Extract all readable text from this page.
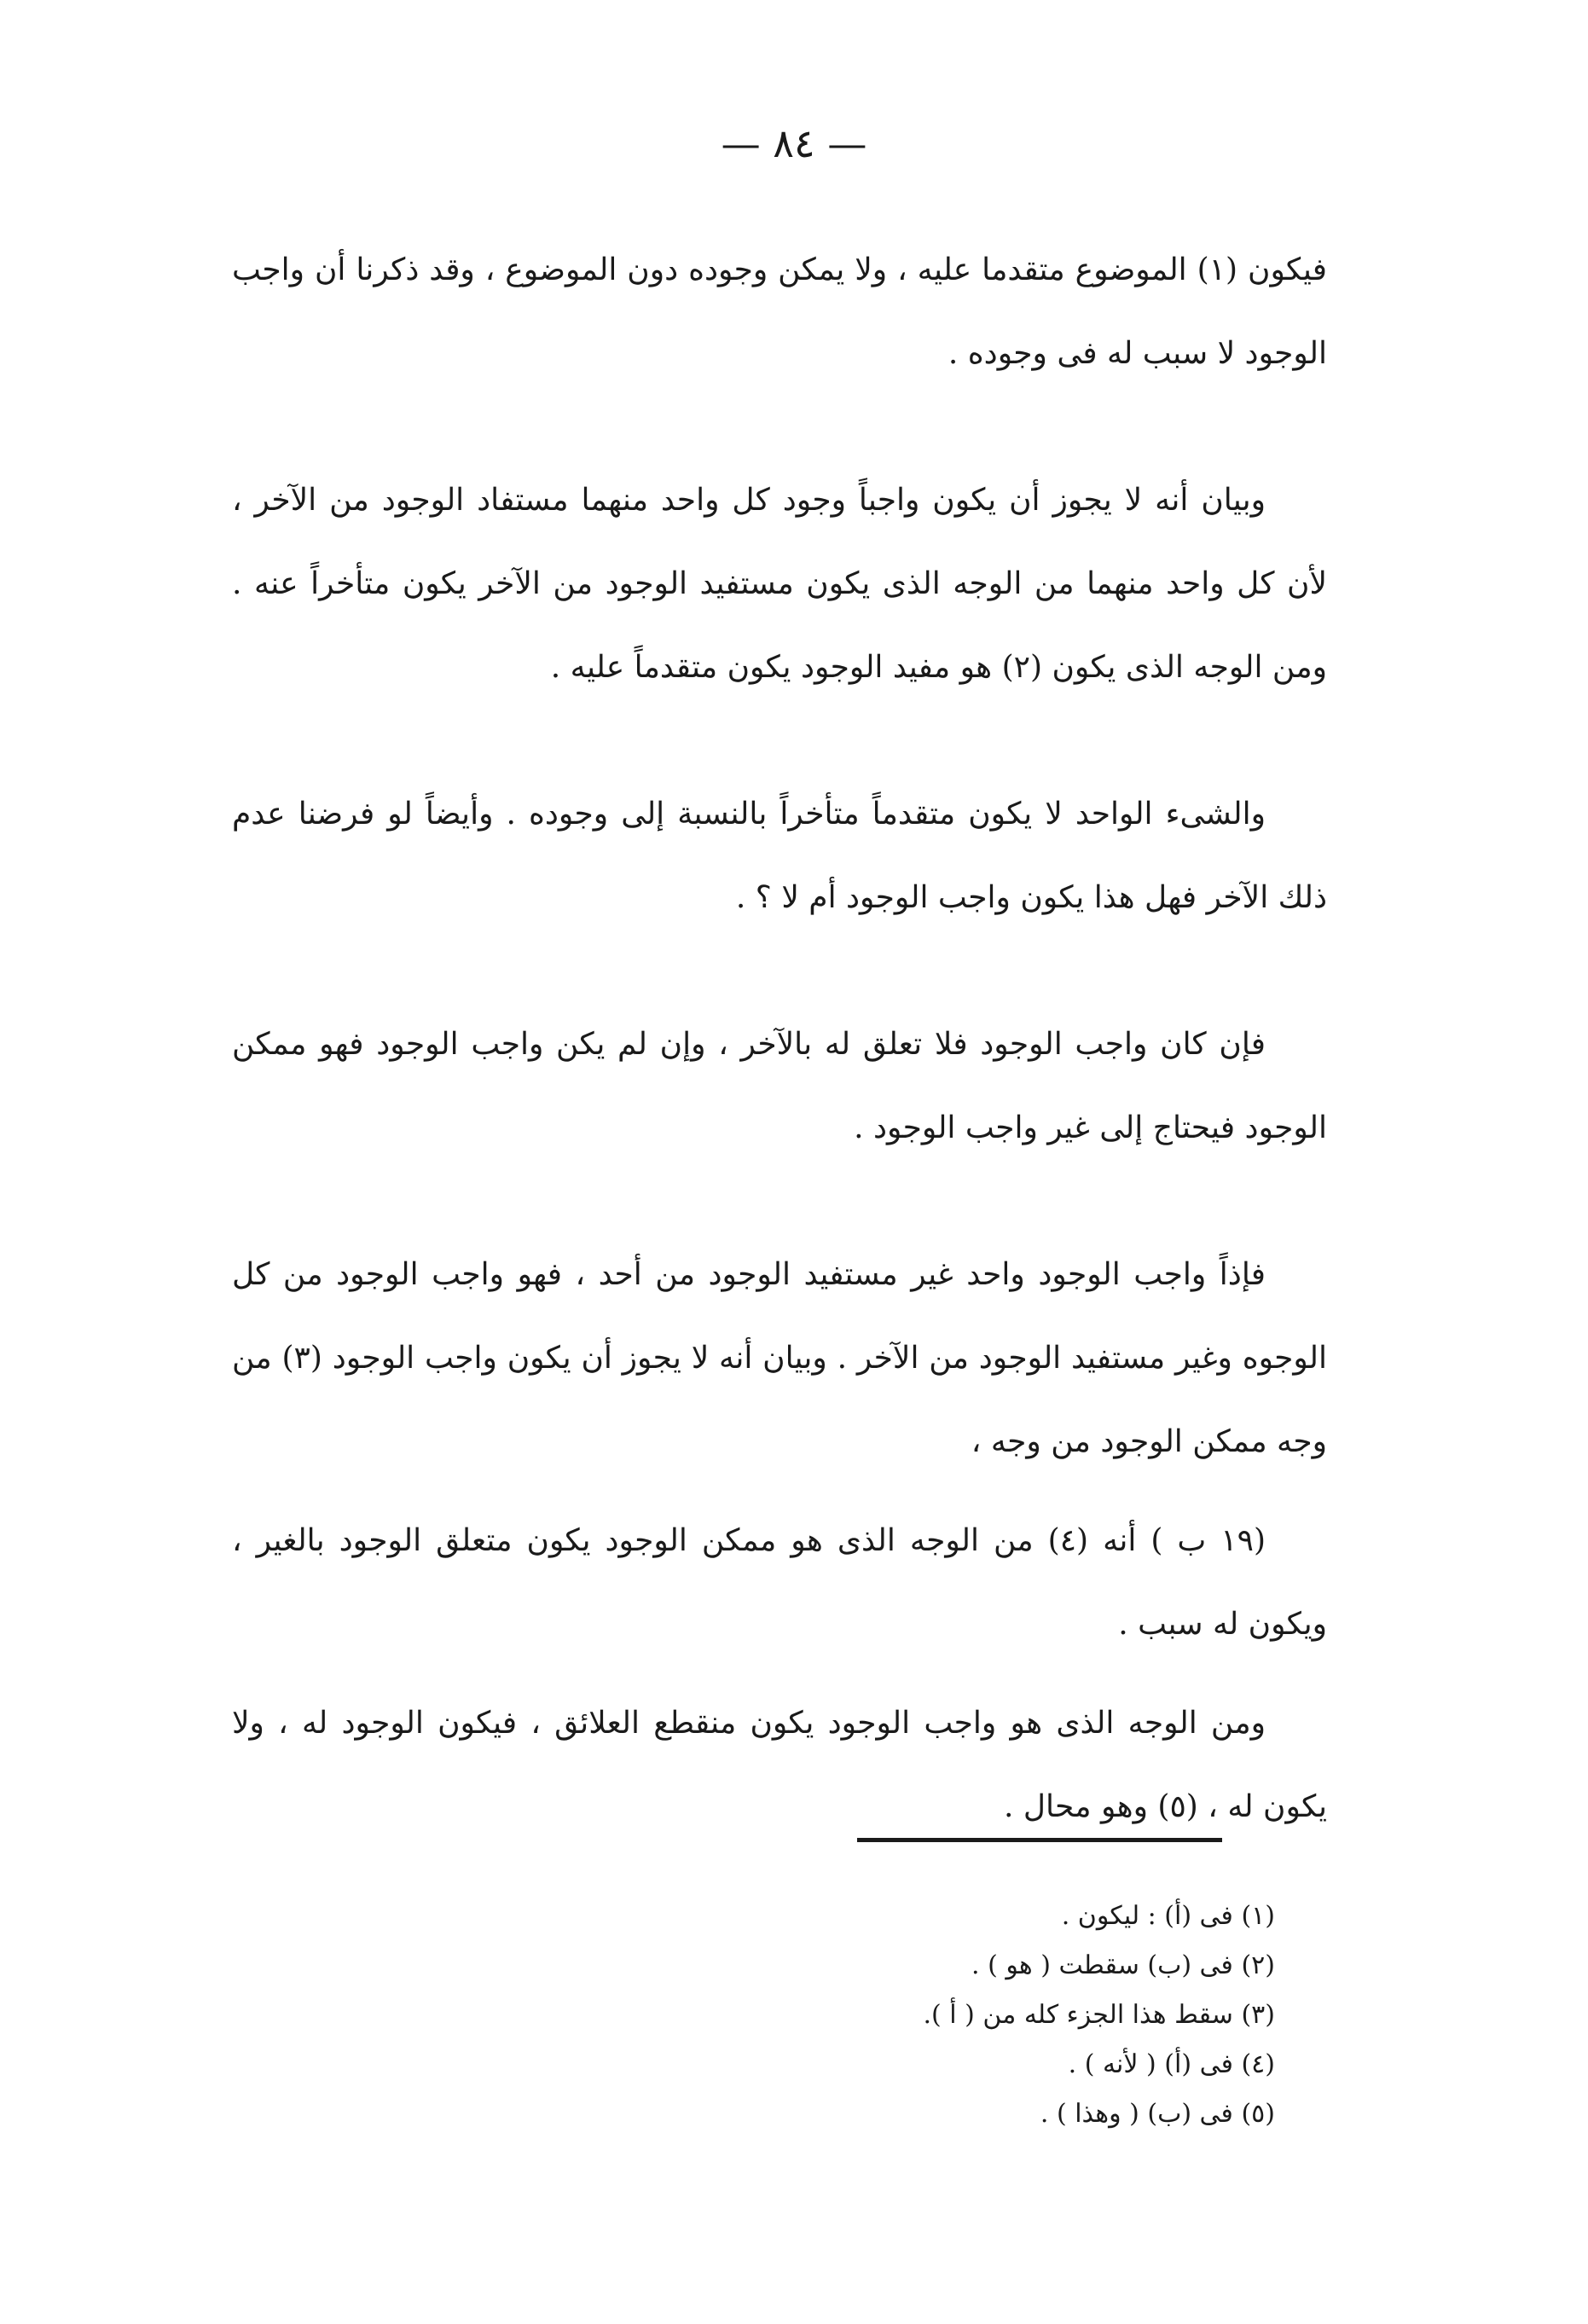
— ٨٤ —

فيكون (١) الموضوع متقدما عليه ، ولا يمكن وجوده دون الموضوع ، وقد ذكرنا أن واجب الوجود لا سبب له فى وجوده .

وبيان أنه لا يجوز أن يكون واجباً وجود كل واحد منهما مستفاد الوجود من الآخر ، لأن كل واحد منهما من الوجه الذى يكون مستفيد الوجود من الآخر يكون متأخراً عنه . ومن الوجه الذى يكون (٢) هو مفيد الوجود يكون متقدماً عليه .

والشىء الواحد لا يكون متقدماً متأخراً بالنسبة إلى وجوده . وأيضاً لو فرضنا عدم ذلك الآخر فهل هذا يكون واجب الوجود أم لا ؟ .

فإن كان واجب الوجود فلا تعلق له بالآخر ، وإن لم يكن واجب الوجود فهو ممكن الوجود فيحتاج إلى غير واجب الوجود .

فإذاً واجب الوجود واحد غير مستفيد الوجود من أحد ، فهو واجب الوجود من كل الوجوه وغير مستفيد الوجود من الآخر . وبيان أنه لا يجوز أن يكون واجب الوجود (٣) من وجه ممكن الوجود من وجه ،

(١٩ ب ) أنه (٤) من الوجه الذى هو ممكن الوجود يكون متعلق الوجود بالغير ، ويكون له سبب .

ومن الوجه الذى هو واجب الوجود يكون منقطع العلائق ، فيكون الوجود له ، ولا يكون له ، (٥) وهو محال .

(١) فى (أ) : ليكون .

(٢) فى (ب) سقطت ( هو ) .

(٣) سقط هذا الجزء كله من ( أ ).

(٤) فى (أ) ( لأنه ) .

(٥) فى (ب) ( وهذا ) .
